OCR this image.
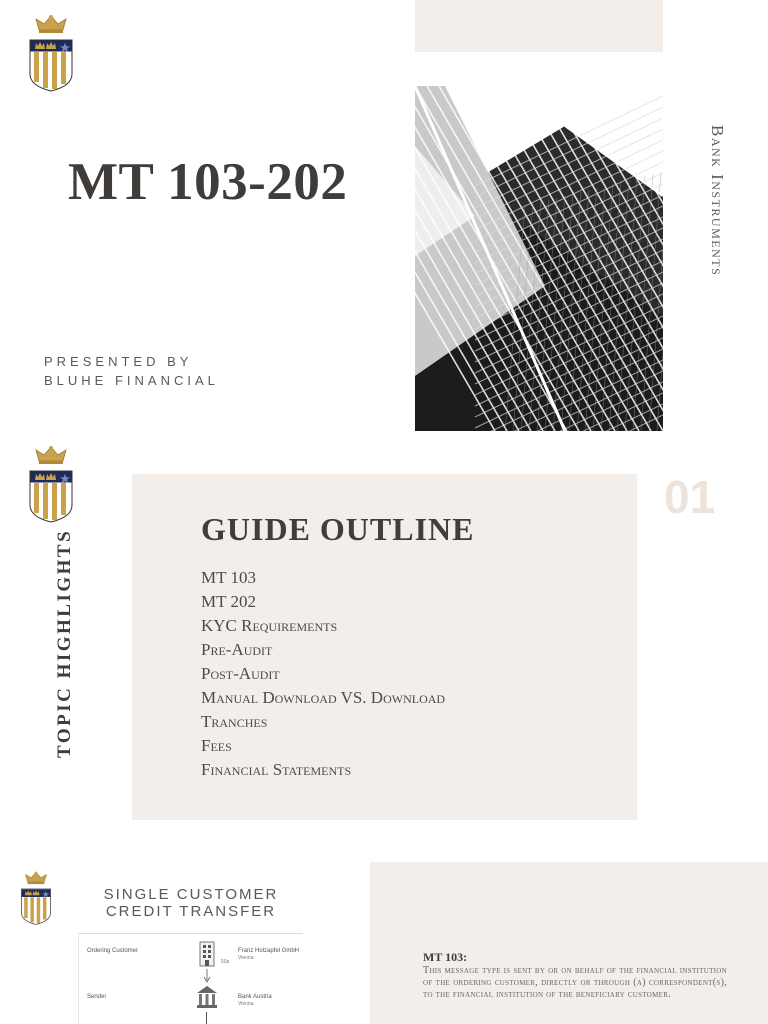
MT 103-202
PRESENTED BY
BLUHE FINANCIAL
Bank Instruments
TOPIC HIGHLIGHTS
01
GUIDE OUTLINE
MT 103
MT 202
KYC Requirements
Pre-Audit
Post-Audit
Manual Download VS. Download
Tranches
Fees
Financial Statements
SINGLE CUSTOMER
CREDIT TRANSFER
Ordering Customer
50a
Franz Holzapfel GmbH
Vienna
Sender	Bank Austria
Vienna
MT 103:
This message type is sent by or on behalf of the financial institution of the ordering customer, directly or through (a) correspondent(s), to the financial institution of the beneficiary customer.
